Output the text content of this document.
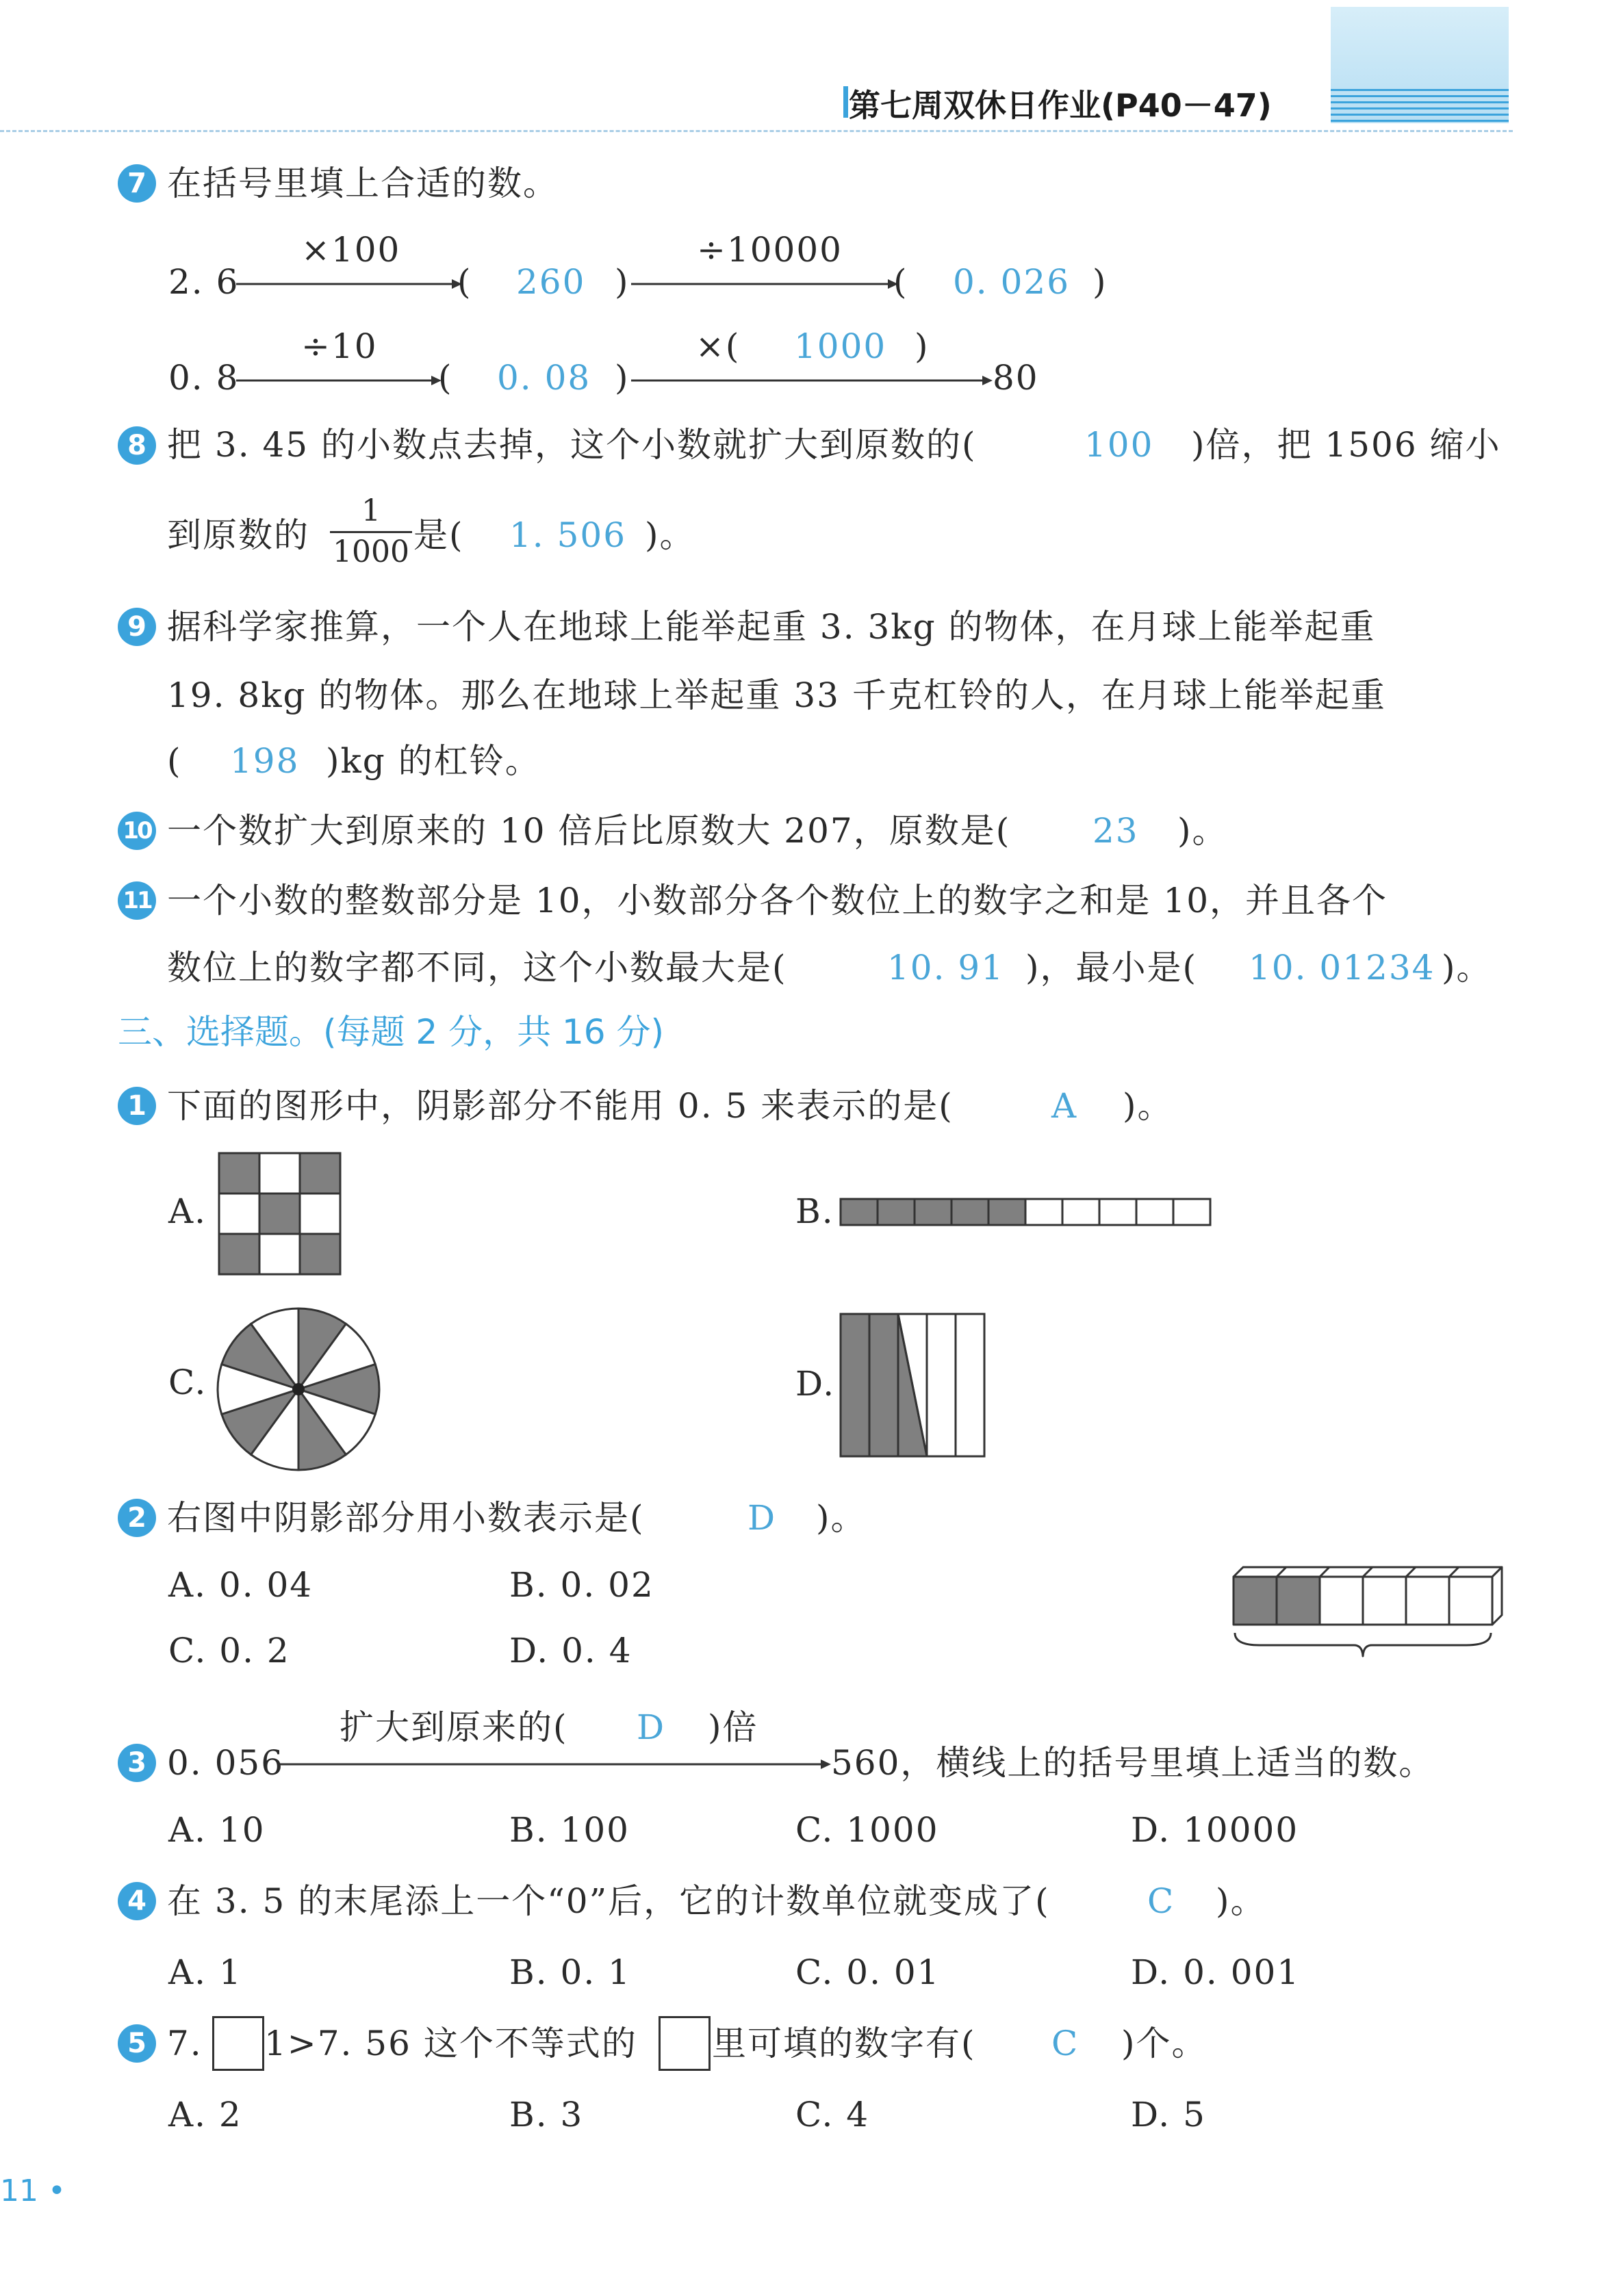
第七周双休日作业(P40－47)
7 在括号里填上合适的数。
2. 6
×100
( 260 )
÷10000
( 0. 026 )
0. 8
÷10
( 0. 08 )
×( 1000 )
80
8 把 3. 45 的小数点去掉，这个小数就扩大到原数的(	100 )倍，把 1506 缩小
到原数的
1
1000 是( 1. 506 )。
9 据科学家推算，一个人在地球上能举起重 3. 3kg 的物体，在月球上能举起重
19. 8kg 的物体。那么在地球上举起重 33 千克杠铃的人，在月球上能举起重
( 198 )kg 的杠铃。
10 一个数扩大到原来的 10 倍后比原数大 207，原数是( 23 )。
11 一个小数的整数部分是 10，小数部分各个数位上的数字之和是 10，并且各个
数位上的数字都不同，这个小数最大是(	10. 91 )，最小是( 10. 01234 )。
三、选择题。(每题 2 分，共 16 分)
1 下面的图形中，阴影部分不能用 0. 5 来表示的是(	A )。
A.	B.
C.	D.
2 右图中阴影部分用小数表示是(	D )。
A. 0. 04	B. 0. 02
C. 0. 2	D. 0. 4
3 0. 056
扩大到原来的( D )倍
560，横线上的括号里填上适当的数。
A. 10	B. 100	C. 1000	D. 10000
4 在 3. 5 的末尾添上一个“0”后，它的计数单位就变成了(	C )。
A. 1	B. 0. 1	C. 0. 01	D. 0. 001
5 7. 1>7. 56 这个不等式的 里可填的数字有( C )个。
A. 2	B. 3	C. 4	D. 5
11 •
